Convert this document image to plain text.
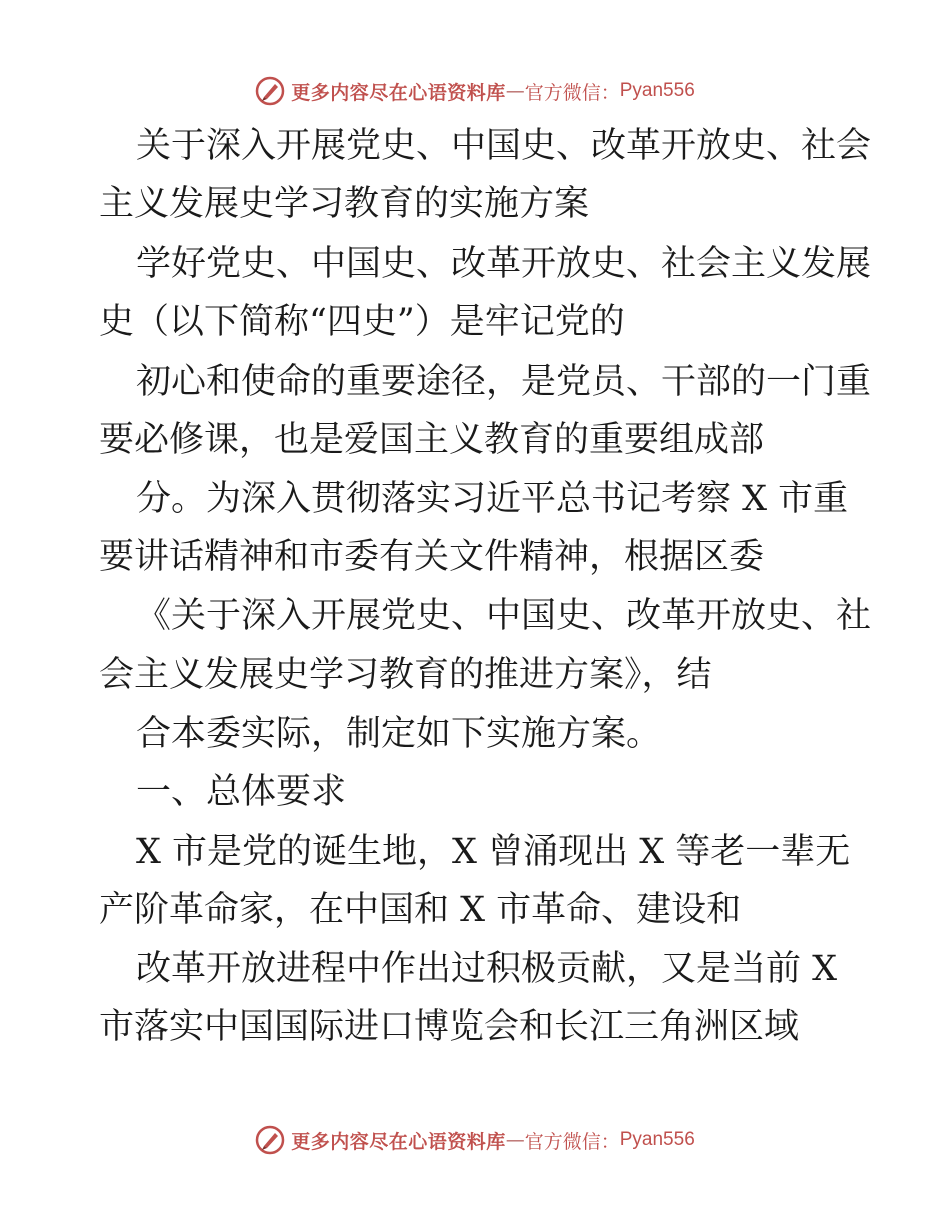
更多内容尽在心语资料库 — 官方微信： Pyan556
关于深入开展党史、中国史、改革开放史、社会
主义发展史学习教育的实施方案
学好党史、中国史、改革开放史、社会主义发展
史（以下简称“四史”）是牢记党的
初心和使命的重要途径，是党员、干部的一门重
要必修课，也是爱国主义教育的重要组成部
分。为深入贯彻落实习近平总书记考察 X 市重
要讲话精神和市委有关文件精神，根据区委
《关于深入开展党史、中国史、改革开放史、社
会主义发展史学习教育的推进方案》，结
合本委实际，制定如下实施方案。
一、总体要求
X 市是党的诞生地，X 曾涌现出 X 等老一辈无
产阶革命家，在中国和 X 市革命、建设和
改革开放进程中作出过积极贡献，又是当前 X
市落实中国国际进口博览会和长江三角洲区域
更多内容尽在心语资料库 — 官方微信： Pyan556
